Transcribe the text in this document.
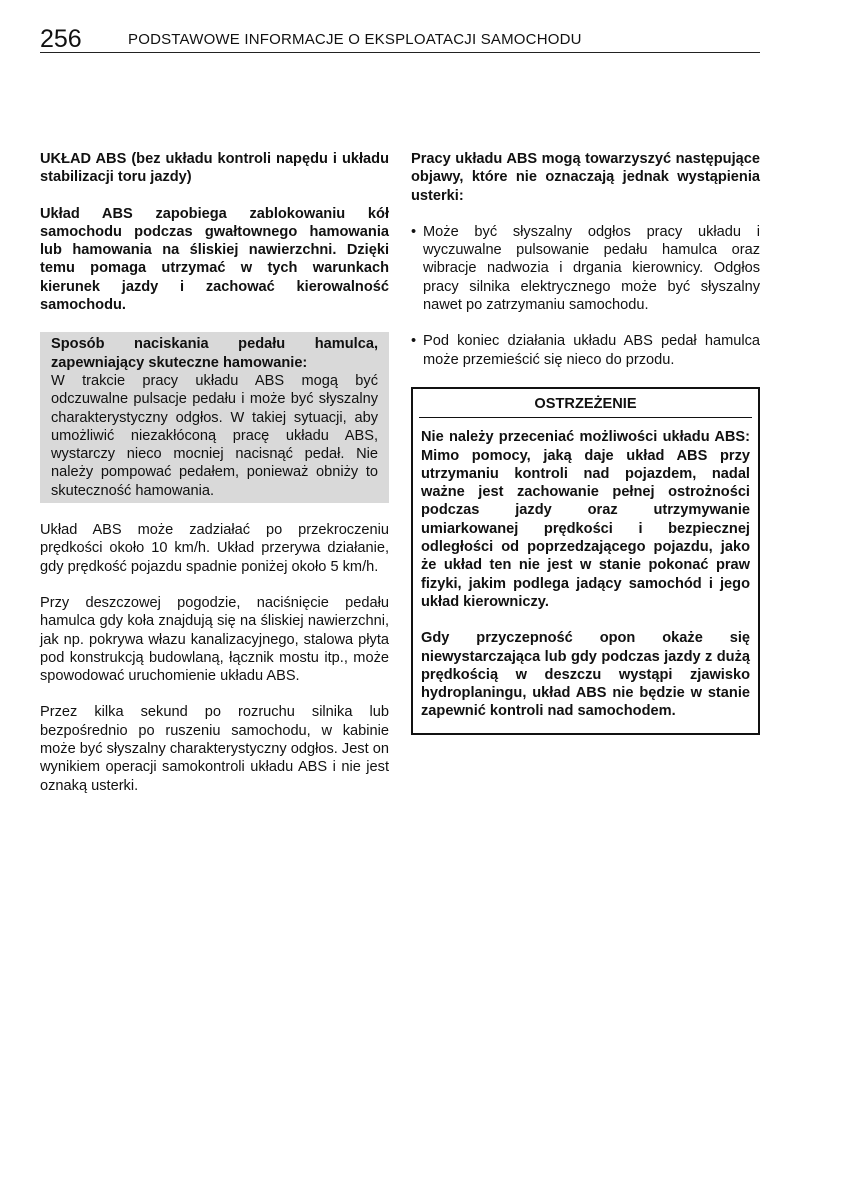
256	PODSTAWOWE INFORMACJE O EKSPLOATACJI SAMOCHODU

UKŁAD ABS (bez układu kontroli napędu i układu stabilizacji toru jazdy)

Układ ABS zapobiega zablokowaniu kół samochodu podczas gwałtownego hamowania lub hamowania na śliskiej nawierzchni. Dzięki temu pomaga utrzymać w tych warunkach kierunek jazdy i zachować kierowalność samochodu.

Sposób naciskania pedału hamulca, zapewniający skuteczne hamowanie:
W trakcie pracy układu ABS mogą być odczuwalne pulsacje pedału i może być słyszalny charakterystyczny odgłos. W takiej sytuacji, aby umożliwić niezakłóconą pracę układu ABS, wystarczy nieco mocniej nacisnąć pedał. Nie należy pompować pedałem, ponieważ obniży to skuteczność hamowania.

Układ ABS może zadziałać po przekroczeniu prędkości około 10 km/h. Układ przerywa działanie, gdy prędkość pojazdu spadnie poniżej około 5 km/h.

Przy deszczowej pogodzie, naciśnięcie pedału hamulca gdy koła znajdują się na śliskiej nawierzchni, jak np. pokrywa włazu kanalizacyjnego, stalowa płyta pod konstrukcją budowlaną, łącznik mostu itp., może spowodować uruchomienie układu ABS.

Przez kilka sekund po rozruchu silnika lub bezpośrednio po ruszeniu samochodu, w kabinie może być słyszalny charakterystyczny odgłos. Jest on wynikiem operacji samokontroli układu ABS i nie jest oznaką usterki.

Pracy układu ABS mogą towarzyszyć następujące objawy, które nie oznaczają jednak wystąpienia usterki:

• Może być słyszalny odgłos pracy układu i wyczuwalne pulsowanie pedału hamulca oraz wibracje nadwozia i drgania kierownicy. Odgłos pracy silnika elektrycznego może być słyszalny nawet po zatrzymaniu samochodu.
• Pod koniec działania układu ABS pedał hamulca może przemieścić się nieco do przodu.
OSTRZEŻENIE

Nie należy przeceniać możliwości układu ABS: Mimo pomocy, jaką daje układ ABS przy utrzymaniu kontroli nad pojazdem, nadal ważne jest zachowanie pełnej ostrożności podczas jazdy oraz utrzymywanie umiarkowanej prędkości i bezpiecznej odległości od poprzedzającego pojazdu, jako że układ ten nie jest w stanie pokonać praw fizyki, jakim podlega jadący samochód i jego układ kierowniczy.

Gdy przyczepność opon okaże się niewystarczająca lub gdy podczas jazdy z dużą prędkością w deszczu wystąpi zjawisko hydroplaningu, układ ABS nie będzie w stanie zapewnić kontroli nad samochodem.
